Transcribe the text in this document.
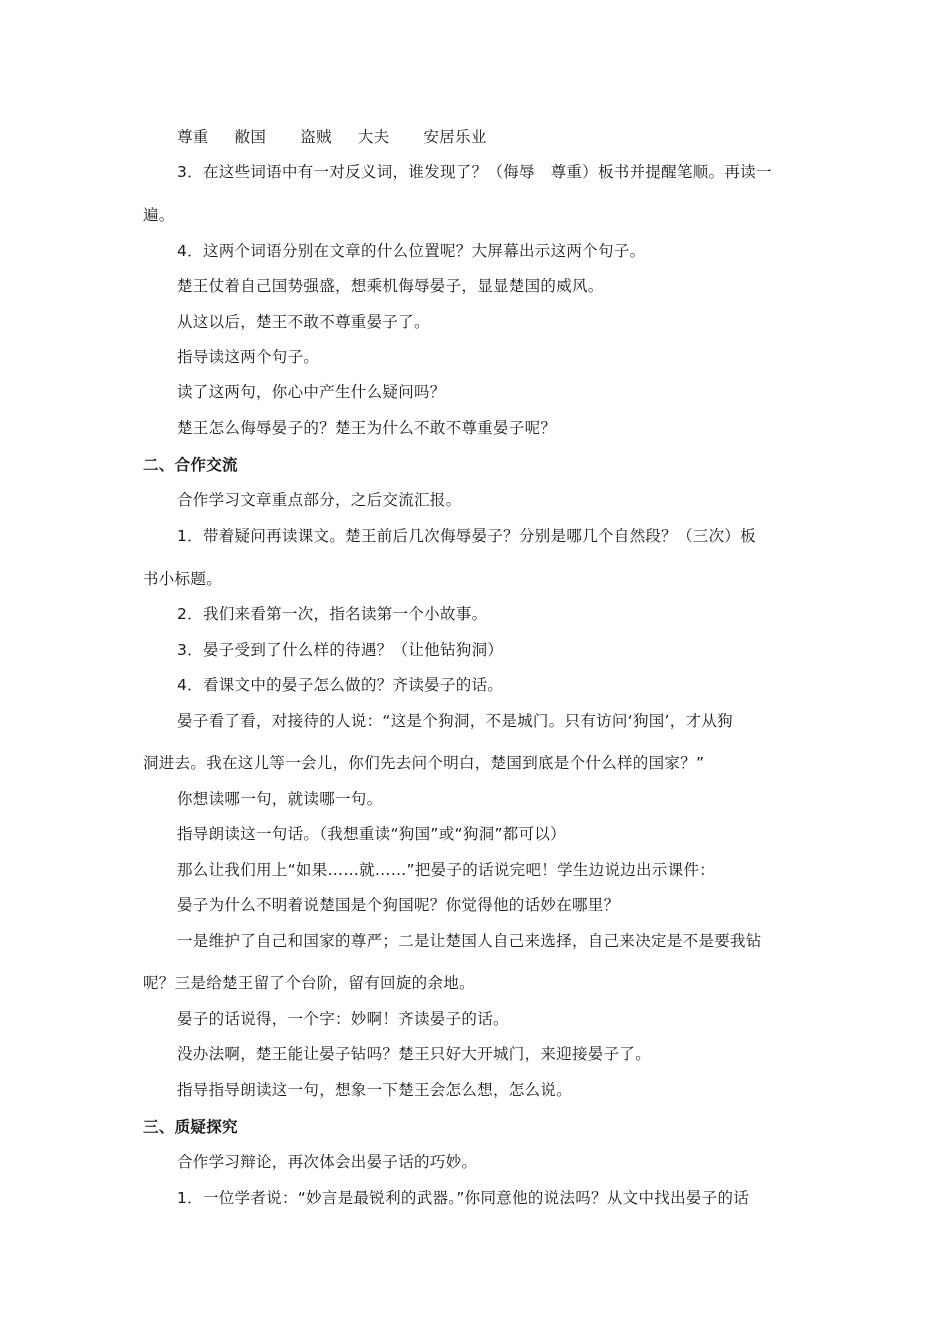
尊重 敝国 盗贼 大夫 安居乐业
3．在这些词语中有一对反义词，谁发现了？（侮辱　尊重）板书并提醒笔顺。再读一
遍。
4．这两个词语分别在文章的什么位置呢？大屏幕出示这两个句子。
楚王仗着自己国势强盛，想乘机侮辱晏子，显显楚国的威风。
从这以后，楚王不敢不尊重晏子了。
指导读这两个句子。
读了这两句，你心中产生什么疑问吗？
楚王怎么侮辱晏子的？楚王为什么不敢不尊重晏子呢？
二、合作交流
合作学习文章重点部分，之后交流汇报。
1．带着疑问再读课文。楚王前后几次侮辱晏子？分别是哪几个自然段？（三次）板
书小标题。
2．我们来看第一次，指名读第一个小故事。
3．晏子受到了什么样的待遇？（让他钻狗洞）
4．看课文中的晏子怎么做的？齐读晏子的话。
晏子看了看，对接待的人说：“这是个狗洞，不是城门。只有访问‘狗国’，才从狗
洞进去。我在这儿等一会儿，你们先去问个明白，楚国到底是个什么样的国家？”
你想读哪一句，就读哪一句。
指导朗读这一句话。（我想重读“狗国”或“狗洞”都可以）
那么让我们用上“如果……就……”把晏子的话说完吧！学生边说边出示课件：
晏子为什么不明着说楚国是个狗国呢？你觉得他的话妙在哪里？
一是维护了自己和国家的尊严；二是让楚国人自己来选择，自己来决定是不是要我钻
呢？三是给楚王留了个台阶，留有回旋的余地。
晏子的话说得，一个字：妙啊！齐读晏子的话。
没办法啊，楚王能让晏子钻吗？楚王只好大开城门，来迎接晏子了。
指导指导朗读这一句，想象一下楚王会怎么想，怎么说。
三、质疑探究
合作学习辩论，再次体会出晏子话的巧妙。
1．一位学者说：“妙言是最锐利的武器。”你同意他的说法吗？从文中找出晏子的话
